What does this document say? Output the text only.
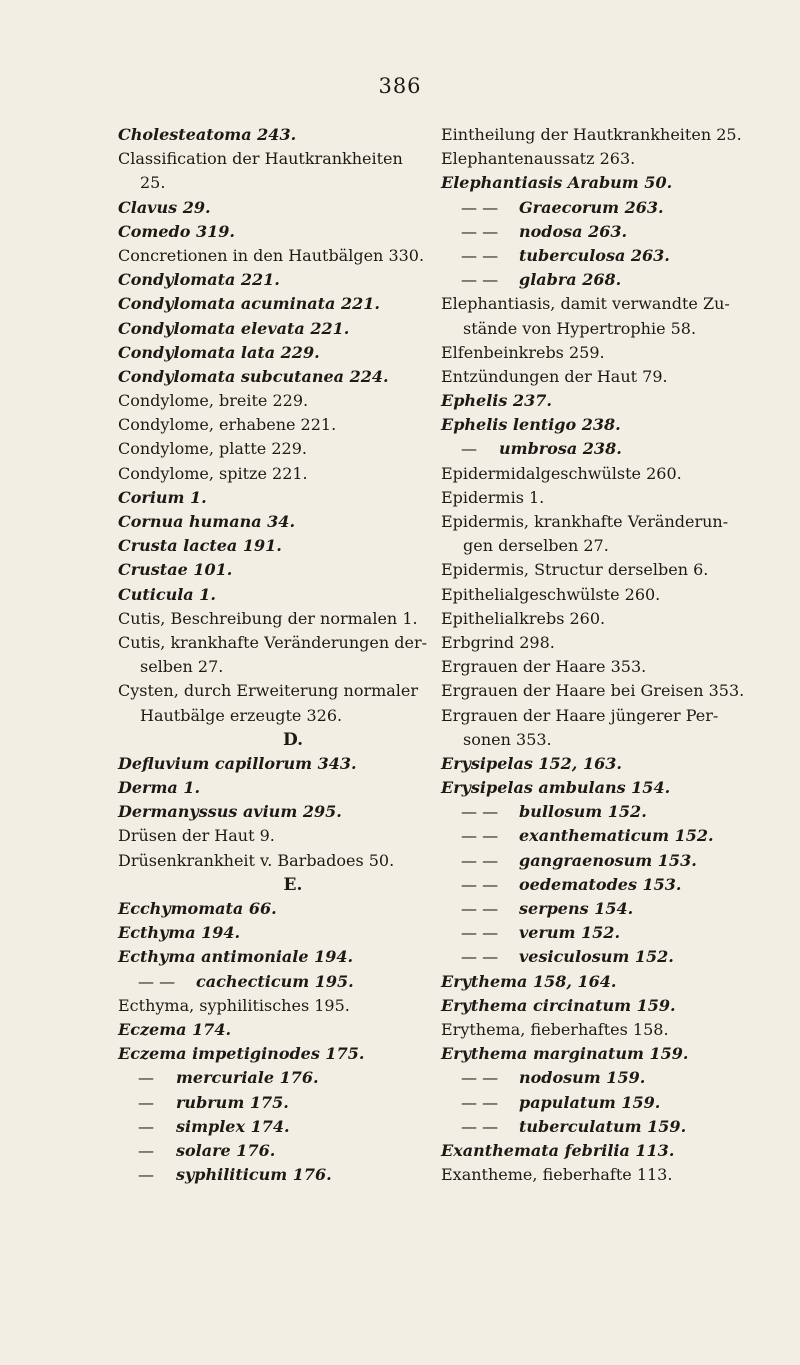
386
Cholesteatoma 243.
Classification der Hautkrankheiten
25.
Clavus 29.
Comedo 319.
Concretionen in den Hautbälgen 330.
Condylomata 221.
Condylomata acuminata 221.
Condylomata elevata 221.
Condylomata lata 229.
Condylomata subcutanea 224.
Condylome, breite 229.
Condylome, erhabene 221.
Condylome, platte 229.
Condylome, spitze 221.
Corium 1.
Cornua humana 34.
Crusta lactea 191.
Crustae 101.
Cuticula 1.
Cutis, Beschreibung der normalen 1.
Cutis, krankhafte Veränderungen der-
selben 27.
Cysten, durch Erweiterung normaler
Hautbälge erzeugte 326.
D.
Defluvium capillorum 343.
Derma 1.
Dermanyssus avium 295.
Drüsen der Haut 9.
Drüsenkrankheit v. Barbadoes 50.
E.
Ecchymomata 66.
Ecthyma 194.
Ecthyma antimoniale 194.
— — cachecticum 195.
Ecthyma, syphilitisches 195.
Eczema 174.
Eczema impetiginodes 175.
— mercuriale 176.
— rubrum 175.
— simplex 174.
— solare 176.
— syphiliticum 176.
Eintheilung der Hautkrankheiten 25.
Elephantenaussatz 263.
Elephantiasis Arabum 50.
— — Graecorum 263.
— — nodosa 263.
— — tuberculosa 263.
— — glabra 268.
Elephantiasis, damit verwandte Zu-
stände von Hypertrophie 58.
Elfenbeinkrebs 259.
Entzündungen der Haut 79.
Ephelis 237.
Ephelis lentigo 238.
— umbrosa 238.
Epidermidalgeschwülste 260.
Epidermis 1.
Epidermis, krankhafte Veränderun-
gen derselben 27.
Epidermis, Structur derselben 6.
Epithelialgeschwülste 260.
Epithelialkrebs 260.
Erbgrind 298.
Ergrauen der Haare 353.
Ergrauen der Haare bei Greisen 353.
Ergrauen der Haare jüngerer Per-
sonen 353.
Erysipelas 152, 163.
Erysipelas ambulans 154.
— — bullosum 152.
— — exanthematicum 152.
— — gangraenosum 153.
— — oedematodes 153.
— — serpens 154.
— — verum 152.
— — vesiculosum 152.
Erythema 158, 164.
Erythema circinatum 159.
Erythema, fieberhaftes 158.
Erythema marginatum 159.
— — nodosum 159.
— — papulatum 159.
— — tuberculatum 159.
Exanthemata febrilia 113.
Exantheme, fieberhafte 113.
